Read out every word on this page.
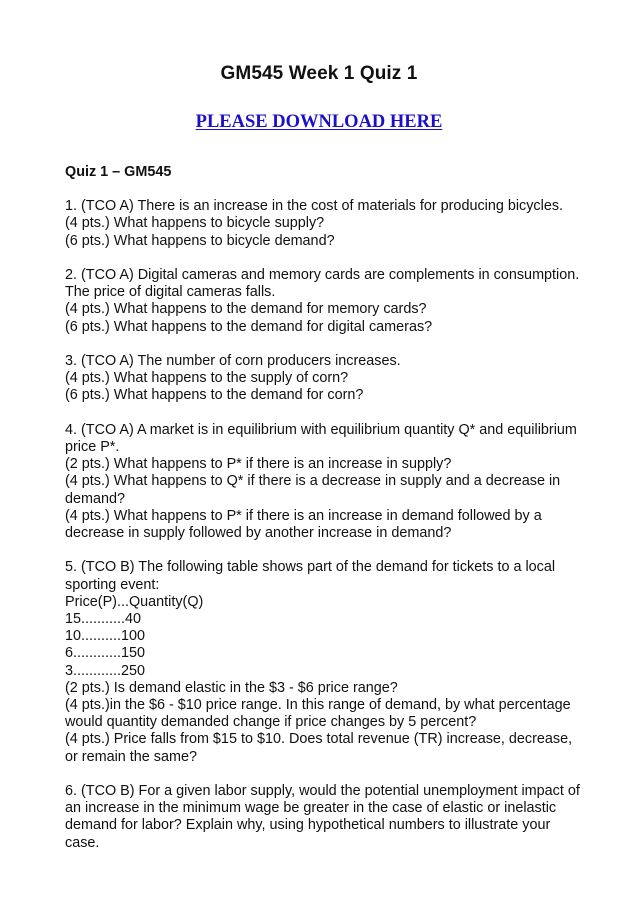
GM545 Week 1 Quiz 1
PLEASE DOWNLOAD HERE
Quiz 1 – GM545
1. (TCO A) There is an increase in the cost of materials for producing bicycles.
(4 pts.) What happens to bicycle supply?
(6 pts.) What happens to bicycle demand?
2. (TCO A) Digital cameras and memory cards are complements in consumption.
The price of digital cameras falls.
(4 pts.) What happens to the demand for memory cards?
(6 pts.) What happens to the demand for digital cameras?
3. (TCO A) The number of corn producers increases.
(4 pts.) What happens to the supply of corn?
(6 pts.) What happens to the demand for corn?
4. (TCO A) A market is in equilibrium with equilibrium quantity Q* and equilibrium
price P*.
(2 pts.) What happens to P* if there is an increase in supply?
(4 pts.) What happens to Q* if there is a decrease in supply and a decrease in
demand?
(4 pts.) What happens to P* if there is an increase in demand followed by a
decrease in supply followed by another increase in demand?
5. (TCO B) The following table shows part of the demand for tickets to a local
sporting event:
Price(P)...Quantity(Q)
15...........40
10..........100
6............150
3............250
(2 pts.) Is demand elastic in the $3 - $6 price range?
(4 pts.)in the $6 - $10 price range. In this range of demand, by what percentage
would quantity demanded change if price changes by 5 percent?
(4 pts.) Price falls from $15 to $10. Does total revenue (TR) increase, decrease,
or remain the same?
6. (TCO B) For a given labor supply, would the potential unemployment impact of
an increase in the minimum wage be greater in the case of elastic or inelastic
demand for labor? Explain why, using hypothetical numbers to illustrate your
case.
